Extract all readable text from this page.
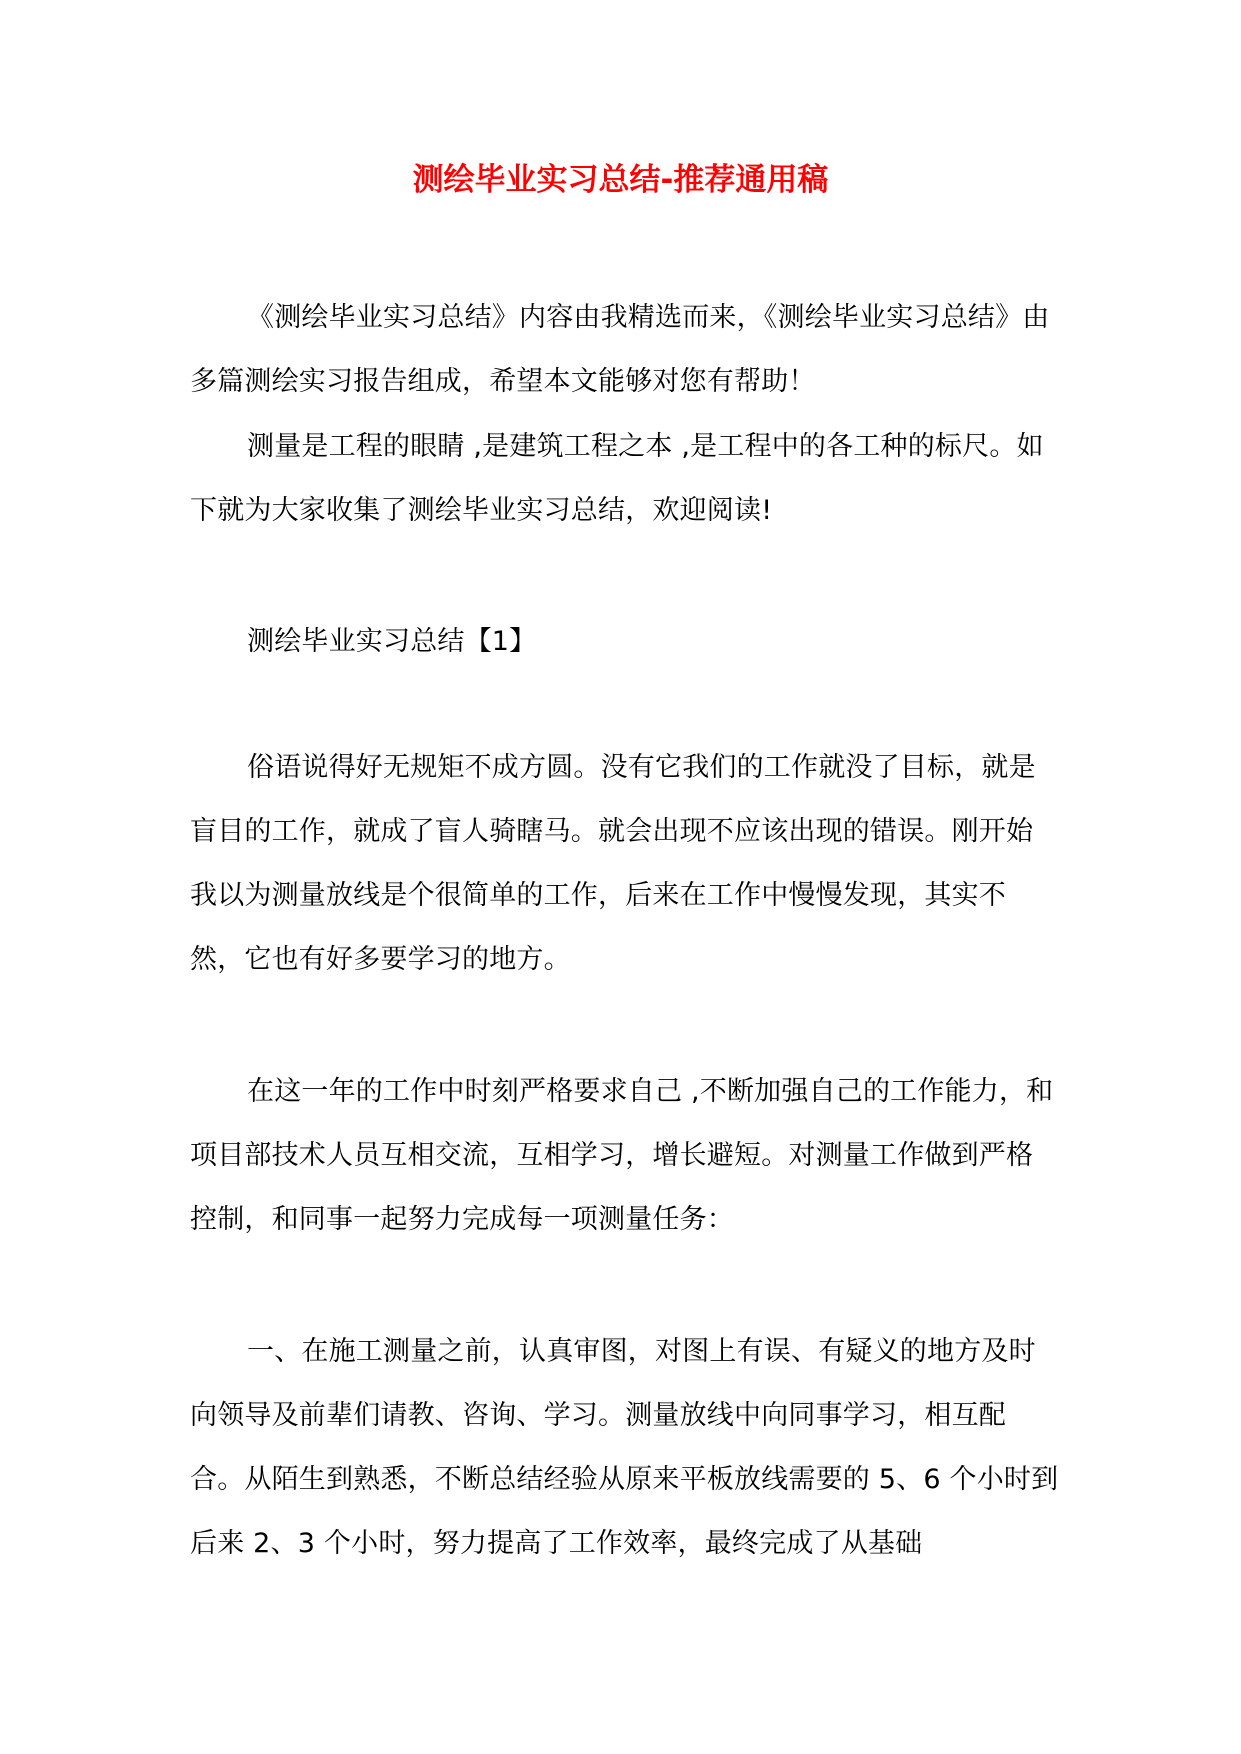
测绘毕业实习总结-推荐通用稿

《测绘毕业实习总结》内容由我精选而来，《测绘毕业实习总结》由多篇测绘实习报告组成，希望本文能够对您有帮助！

测量是工程的眼睛 ,是建筑工程之本 ,是工程中的各工种的标尺。如下就为大家收集了测绘毕业实习总结，欢迎阅读!

测绘毕业实习总结【1】

俗语说得好无规矩不成方圆。没有它我们的工作就没了目标，就是盲目的工作，就成了盲人骑瞎马。就会出现不应该出现的错误。刚开始我以为测量放线是个很简单的工作，后来在工作中慢慢发现，其实不然，它也有好多要学习的地方。

在这一年的工作中时刻严格要求自己 ,不断加强自己的工作能力，和项目部技术人员互相交流，互相学习，增长避短。对测量工作做到严格控制，和同事一起努力完成每一项测量任务：

一、在施工测量之前，认真审图，对图上有误、有疑义的地方及时向领导及前辈们请教、咨询、学习。测量放线中向同事学习，相互配合。从陌生到熟悉，不断总结经验从原来平板放线需要的 5、6 个小时到后来 2、3 个小时，努力提高了工作效率，最终完成了从基础
